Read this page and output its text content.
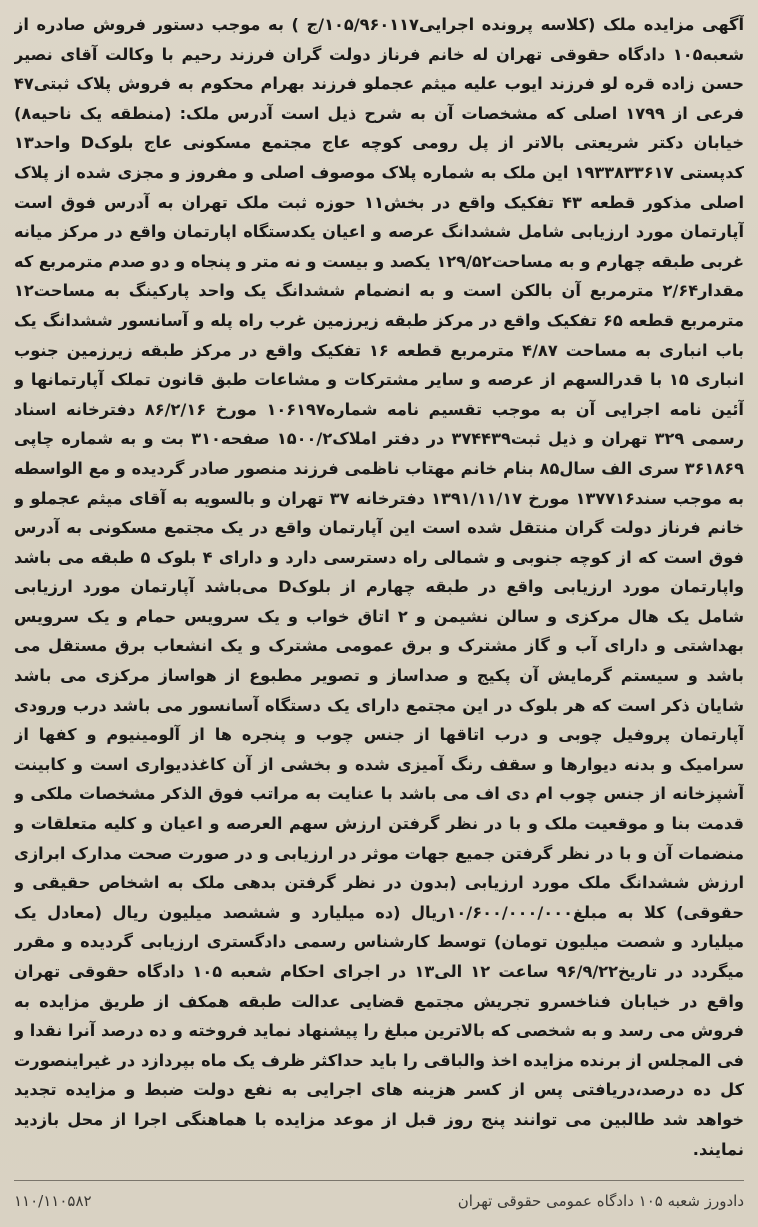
آگهی مزایده ملک (کلاسه پرونده اجرایی۱۰۵/۹۶۰۱۱۷/ج ) به موجب دستور فروش صادره از شعبه۱۰۵ دادگاه حقوقی تهران له خانم فرناز دولت گران فرزند رحیم با وکالت آقای نصیر حسن زاده قره لو فرزند ایوب علیه میثم عجملو فرزند بهرام محکوم به فروش پلاک ثبتی۴۷ فرعی از ۱۷۹۹ اصلی که مشخصات آن به شرح ذیل است آدرس ملک: (منطقه یک ناحیه۸) خیابان دکتر شریعتی بالاتر از پل رومی کوچه عاج مجتمع مسکونی عاج بلوکD واحد۱۳ کدپستی ۱۹۳۳۸۳۳۶۱۷ این ملک به شماره پلاک موصوف اصلی و مفروز و مجزی شده از پلاک اصلی مذکور قطعه ۴۳ تفکیک واقع در بخش۱۱ حوزه ثبت ملک تهران به آدرس فوق است آپارتمان مورد ارزیابی شامل ششدانگ عرصه و اعیان یکدستگاه اپارتمان واقع در مرکز میانه غربی طبقه چهارم و به مساحت۱۲۹/۵۲ یکصد و بیست و نه متر و پنجاه و دو صدم مترمربع که مقدار۲/۶۴ مترمربع آن بالکن است و به انضمام ششدانگ یک واحد پارکینگ به مساحت۱۲ مترمربع قطعه ۶۵ تفکیک واقع در مرکز طبقه زیرزمین غرب راه پله و آسانسور ششدانگ یک باب انباری به مساحت ۴/۸۷ مترمربع قطعه ۱۶ تفکیک واقع در مرکز طبقه زیرزمین جنوب انباری ۱۵ با قدرالسهم از عرصه و سایر مشترکات و مشاعات طبق قانون تملک آپارتمانها و آئین نامه اجرایی آن به موجب تقسیم نامه شماره۱۰۶۱۹۷ مورخ ۸۶/۲/۱۶ دفترخانه اسناد رسمی ۳۲۹ تهران و ذیل ثبت۳۷۴۴۳۹ در دفتر املاک۱۵۰۰/۲ صفحه۳۱۰ بت و به شماره چاپی ۳۶۱۸۶۹ سری الف سال۸۵ بنام خانم مهتاب ناظمی فرزند منصور صادر گردیده و مع الواسطه به موجب سند۱۳۷۷۱۶ مورخ ۱۳۹۱/۱۱/۱۷ دفترخانه ۳۷ تهران و بالسویه به آقای میثم عجملو و خانم فرناز دولت گران منتقل شده است این آپارتمان واقع در یک مجتمع مسکونی به آدرس فوق است که از کوچه جنوبی و شمالی راه دسترسی دارد و دارای ۴ بلوک ۵ طبقه می باشد واپارتمان مورد ارزیابی واقع در طبقه چهارم از بلوکD می‌باشد آپارتمان مورد ارزیابی شامل یک هال مرکزی و سالن نشیمن و ۲ اتاق خواب و یک سرویس حمام و یک سرویس بهداشتی و دارای آب و گاز مشترک و برق عمومی مشترک و یک انشعاب برق مستقل می باشد و سیستم گرمایش آن پکیج و صداساز و تصویر مطبوع از هواساز مرکزی می باشد شایان ذکر است که هر بلوک در این مجتمع دارای یک دستگاه آسانسور می باشد درب ورودی آپارتمان پروفیل چوبی و درب اتاقها از جنس چوب و پنجره ها از آلومینیوم و کفها از سرامیک و بدنه دیوارها و سقف رنگ آمیزی شده و بخشی از آن کاغذدیواری است و کابینت آشپزخانه از جنس چوب ام دی اف می باشد با عنایت به مراتب فوق الذکر مشخصات ملکی و قدمت بنا و موقعیت ملک و با در نظر گرفتن ارزش سهم العرصه و اعیان و کلیه متعلقات و منضمات آن و با در نظر گرفتن جمیع جهات موثر در ارزیابی و در صورت صحت مدارک ابرازی ارزش ششدانگ ملک مورد ارزیابی (بدون در نظر گرفتن بدهی ملک به اشخاص حقیقی و حقوقی) کلا به مبلغ۱۰/۶۰۰/۰۰۰/۰۰۰ریال (ده میلیارد و ششصد میلیون ریال (معادل یک میلیارد و شصت میلیون تومان) توسط کارشناس رسمی دادگستری ارزیابی گردیده و مقرر میگردد در تاریخ۹۶/۹/۲۲ ساعت ۱۲ الی۱۳ در اجرای احکام شعبه ۱۰۵ دادگاه حقوقی تهران واقع در خیابان فناخسرو تجریش مجتمع قضایی عدالت طبقه همکف از طریق مزایده به فروش می رسد و به شخصی که بالاترین مبلغ را پیشنهاد نماید فروخته و ده درصد آنرا نقدا و فی المجلس از برنده مزایده اخذ والباقی را باید حداکثر ظرف یک ماه بپردازد در غیراینصورت کل ده درصد،دریافتی پس از کسر هزینه های اجرایی به نفع دولت ضبط و مزایده تجدید خواهد شد طالبین می توانند پنج روز قبل از موعد مزایده با هماهنگی اجرا از محل بازدید نمایند.

دادورز شعبه ۱۰۵ دادگاه عمومی حقوقی تهران
۱۱۰/۱۱۰۵۸۲
